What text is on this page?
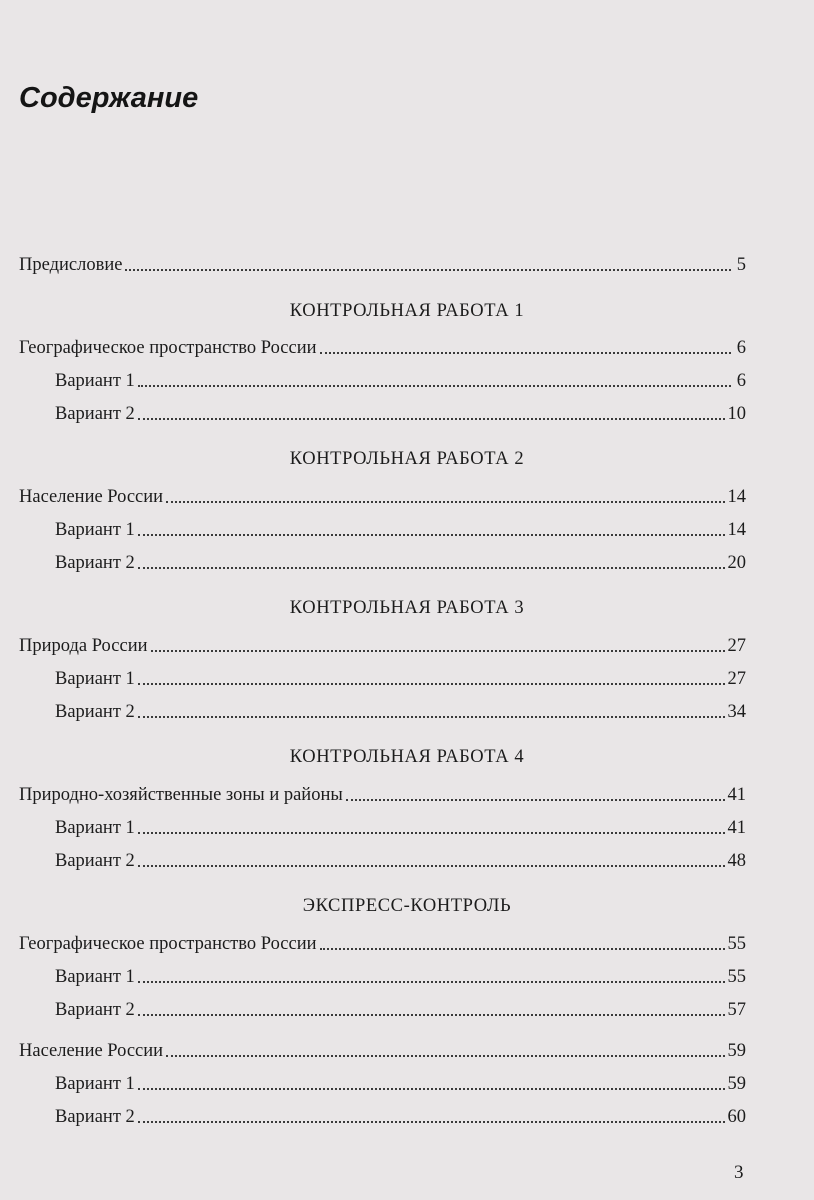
Содержание
Предисловие	5
КОНТРОЛЬНАЯ РАБОТА 1
Географическое пространство России	6
Вариант 1	6
Вариант 2	10
КОНТРОЛЬНАЯ РАБОТА 2
Население России	14
Вариант 1	14
Вариант 2	20
КОНТРОЛЬНАЯ РАБОТА 3
Природа России	27
Вариант 1	27
Вариант 2	34
КОНТРОЛЬНАЯ РАБОТА 4
Природно-хозяйственные зоны и районы	41
Вариант 1	41
Вариант 2	48
ЭКСПРЕСС-КОНТРОЛЬ
Географическое пространство России	55
Вариант 1	55
Вариант 2	57
Население России	59
Вариант 1	59
Вариант 2	60
3
